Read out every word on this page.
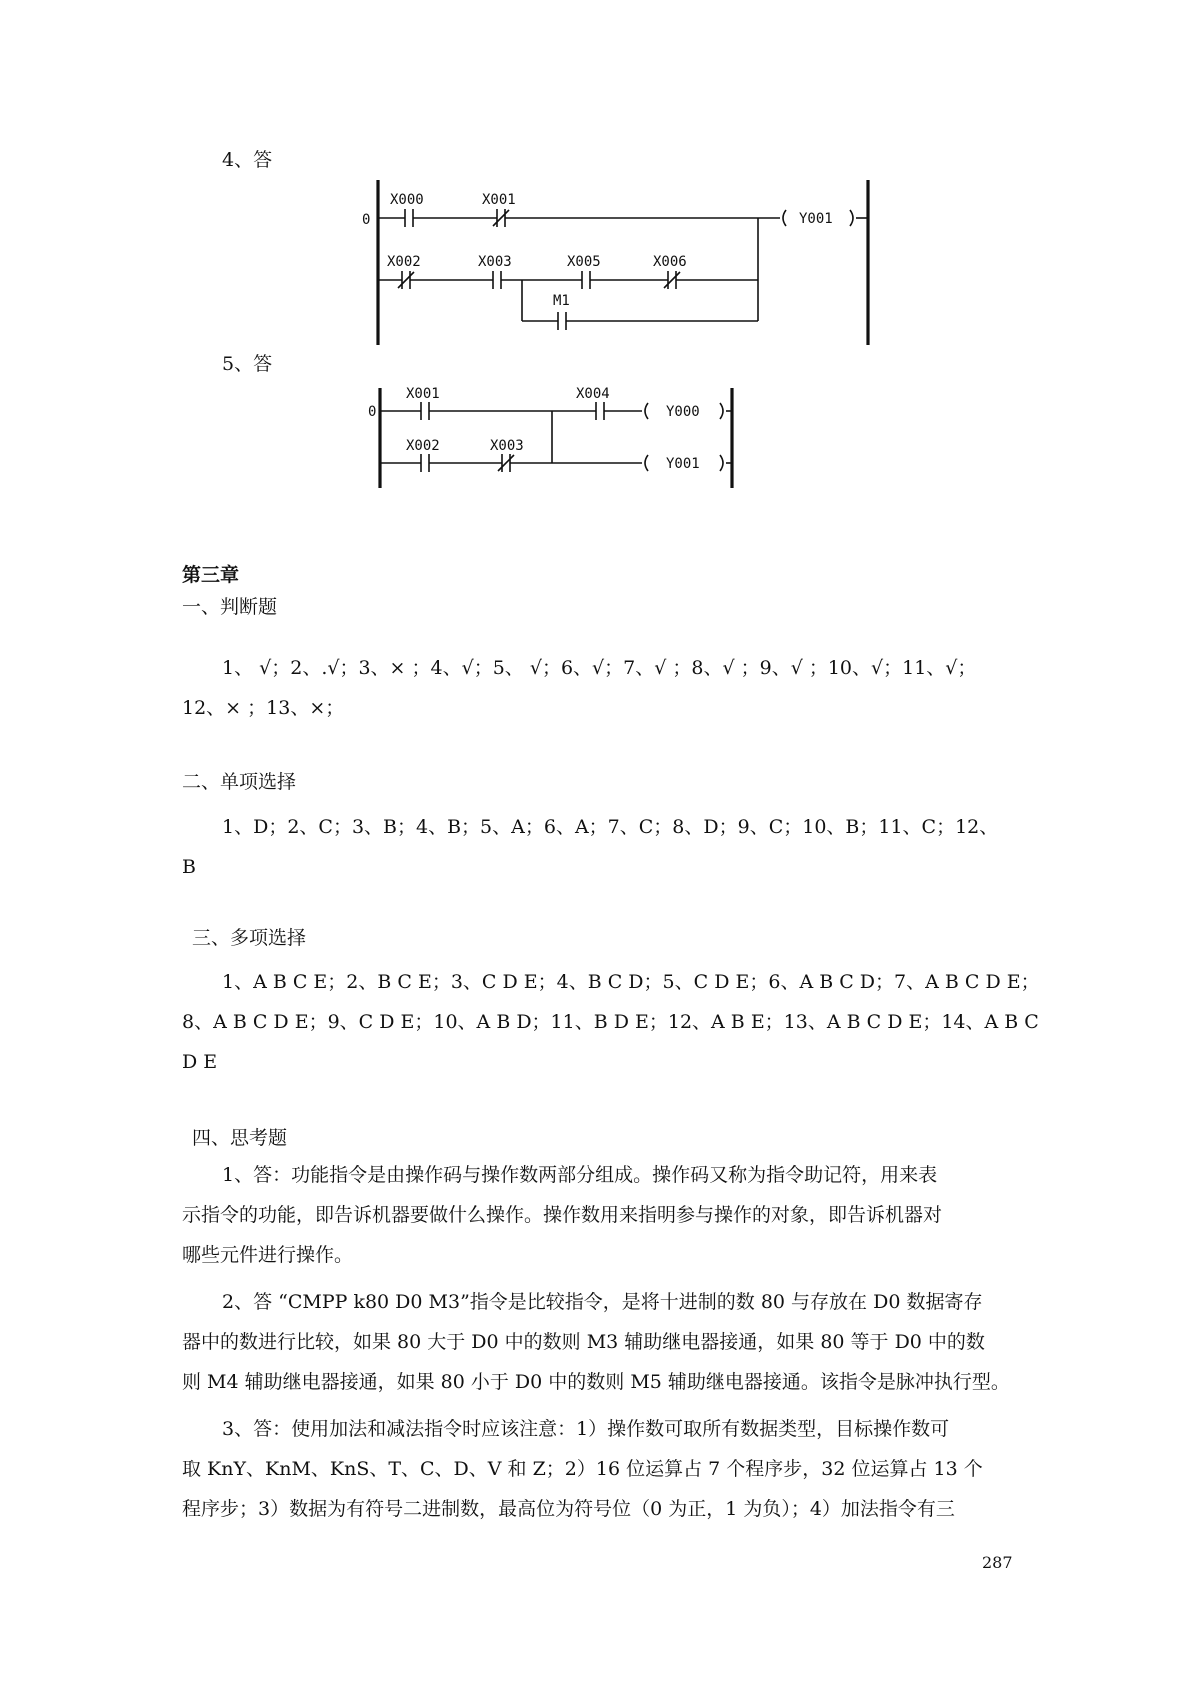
4、答
0
X000	X001
Y001
X002	X003	X005	X006
M1
5、答
0
X001	X004
Y000
X002	X003
Y001
第三章
一、判断题
1、 √；2、.√；3、× ；4、√；5、 √；6、√；7、√ ；8、√ ；9、√ ；10、√；11、√；
12、× ；13、×；
二、单项选择
1、D；2、C；3、B；4、B；5、A；6、A；7、C；8、D；9、C；10、B；11、C；12、
B
三、多项选择
1、A B C E；2、B C E；3、C D E；4、B C D；5、C D E；6、A B C D；7、A B C D E；
8、A B C D E；9、C D E；10、A B D；11、B D E；12、A B E；13、A B C D E；14、A B C
D E
四、思考题
1、答：功能指令是由操作码与操作数两部分组成。操作码又称为指令助记符，用来表
示指令的功能，即告诉机器要做什么操作。操作数用来指明参与操作的对象，即告诉机器对
哪些元件进行操作。
2、答 “CMPP k80 D0 M3”指令是比较指令，是将十进制的数 80 与存放在 D0 数据寄存
器中的数进行比较，如果 80 大于 D0 中的数则 M3 辅助继电器接通，如果 80 等于 D0 中的数
则 M4 辅助继电器接通，如果 80 小于 D0 中的数则 M5 辅助继电器接通。该指令是脉冲执行型。
3、答：使用加法和减法指令时应该注意：1）操作数可取所有数据类型，目标操作数可
取 KnY、KnM、KnS、T、C、D、V 和 Z；2）16 位运算占 7 个程序步，32 位运算占 13 个
程序步；3）数据为有符号二进制数，最高位为符号位（0 为正，1 为负）；4）加法指令有三
287
